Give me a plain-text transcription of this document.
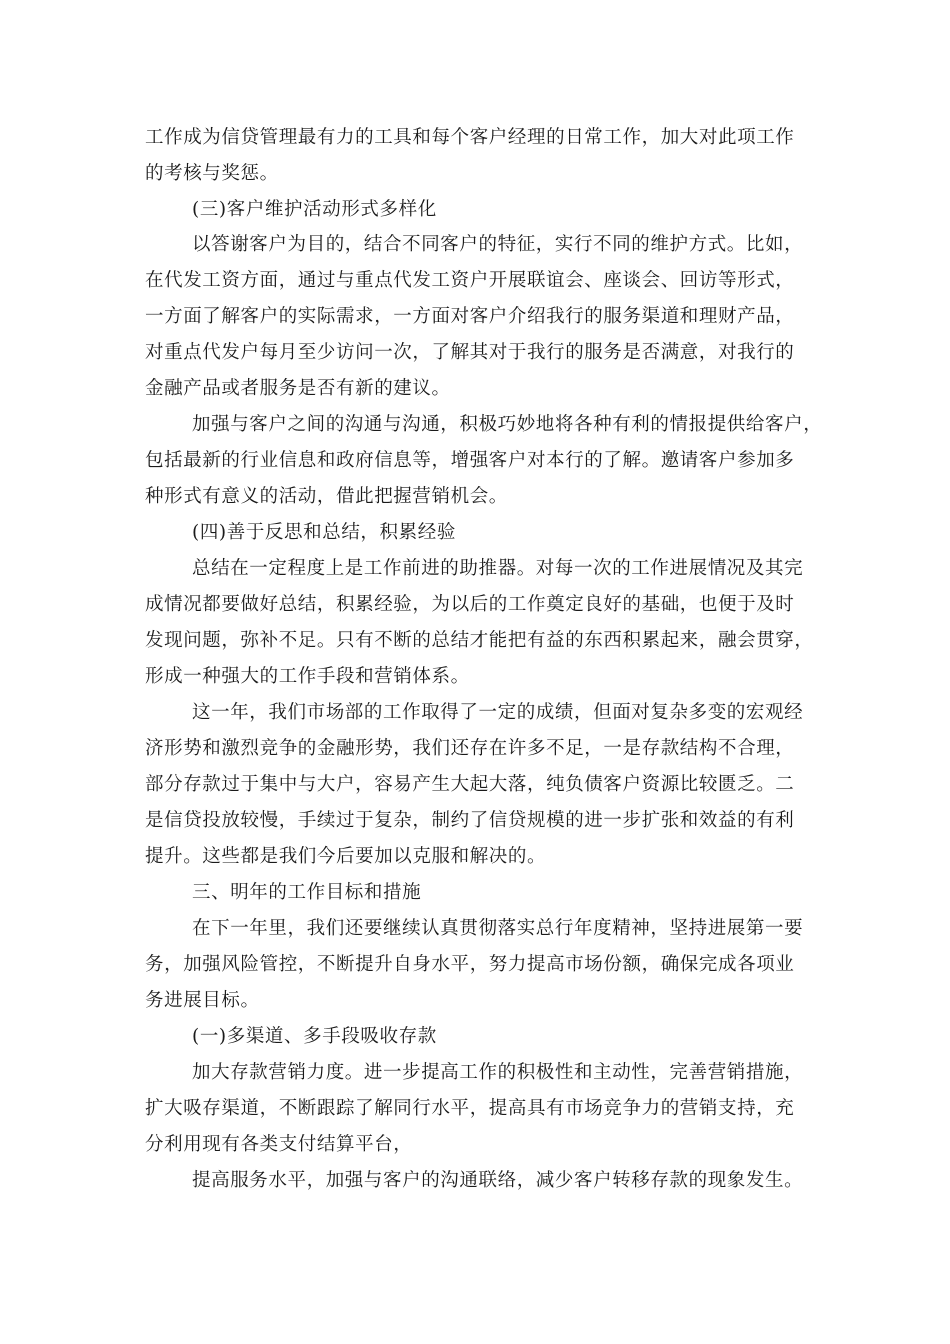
工作成为信贷管理最有力的工具和每个客户经理的日常工作，加大对此项工作
的考核与奖惩。
(三)客户维护活动形式多样化
以答谢客户为目的，结合不同客户的特征，实行不同的维护方式。比如，
在代发工资方面，通过与重点代发工资户开展联谊会、座谈会、回访等形式，
一方面了解客户的实际需求，一方面对客户介绍我行的服务渠道和理财产品，
对重点代发户每月至少访问一次，了解其对于我行的服务是否满意，对我行的
金融产品或者服务是否有新的建议。
加强与客户之间的沟通与沟通，积极巧妙地将各种有利的情报提供给客户，
包括最新的行业信息和政府信息等，增强客户对本行的了解。邀请客户参加多
种形式有意义的活动，借此把握营销机会。
(四)善于反思和总结，积累经验
总结在一定程度上是工作前进的助推器。对每一次的工作进展情况及其完
成情况都要做好总结，积累经验，为以后的工作奠定良好的基础，也便于及时
发现问题，弥补不足。只有不断的总结才能把有益的东西积累起来，融会贯穿，
形成一种强大的工作手段和营销体系。
这一年，我们市场部的工作取得了一定的成绩，但面对复杂多变的宏观经
济形势和激烈竞争的金融形势，我们还存在许多不足，一是存款结构不合理，
部分存款过于集中与大户，容易产生大起大落，纯负债客户资源比较匮乏。二
是信贷投放较慢，手续过于复杂，制约了信贷规模的进一步扩张和效益的有利
提升。这些都是我们今后要加以克服和解决的。
三、明年的工作目标和措施
在下一年里，我们还要继续认真贯彻落实总行年度精神，坚持进展第一要
务，加强风险管控，不断提升自身水平，努力提高市场份额，确保完成各项业
务进展目标。
(一)多渠道、多手段吸收存款
加大存款营销力度。进一步提高工作的积极性和主动性，完善营销措施，
扩大吸存渠道，不断跟踪了解同行水平，提高具有市场竞争力的营销支持，充
分利用现有各类支付结算平台，
提高服务水平，加强与客户的沟通联络，减少客户转移存款的现象发生。
